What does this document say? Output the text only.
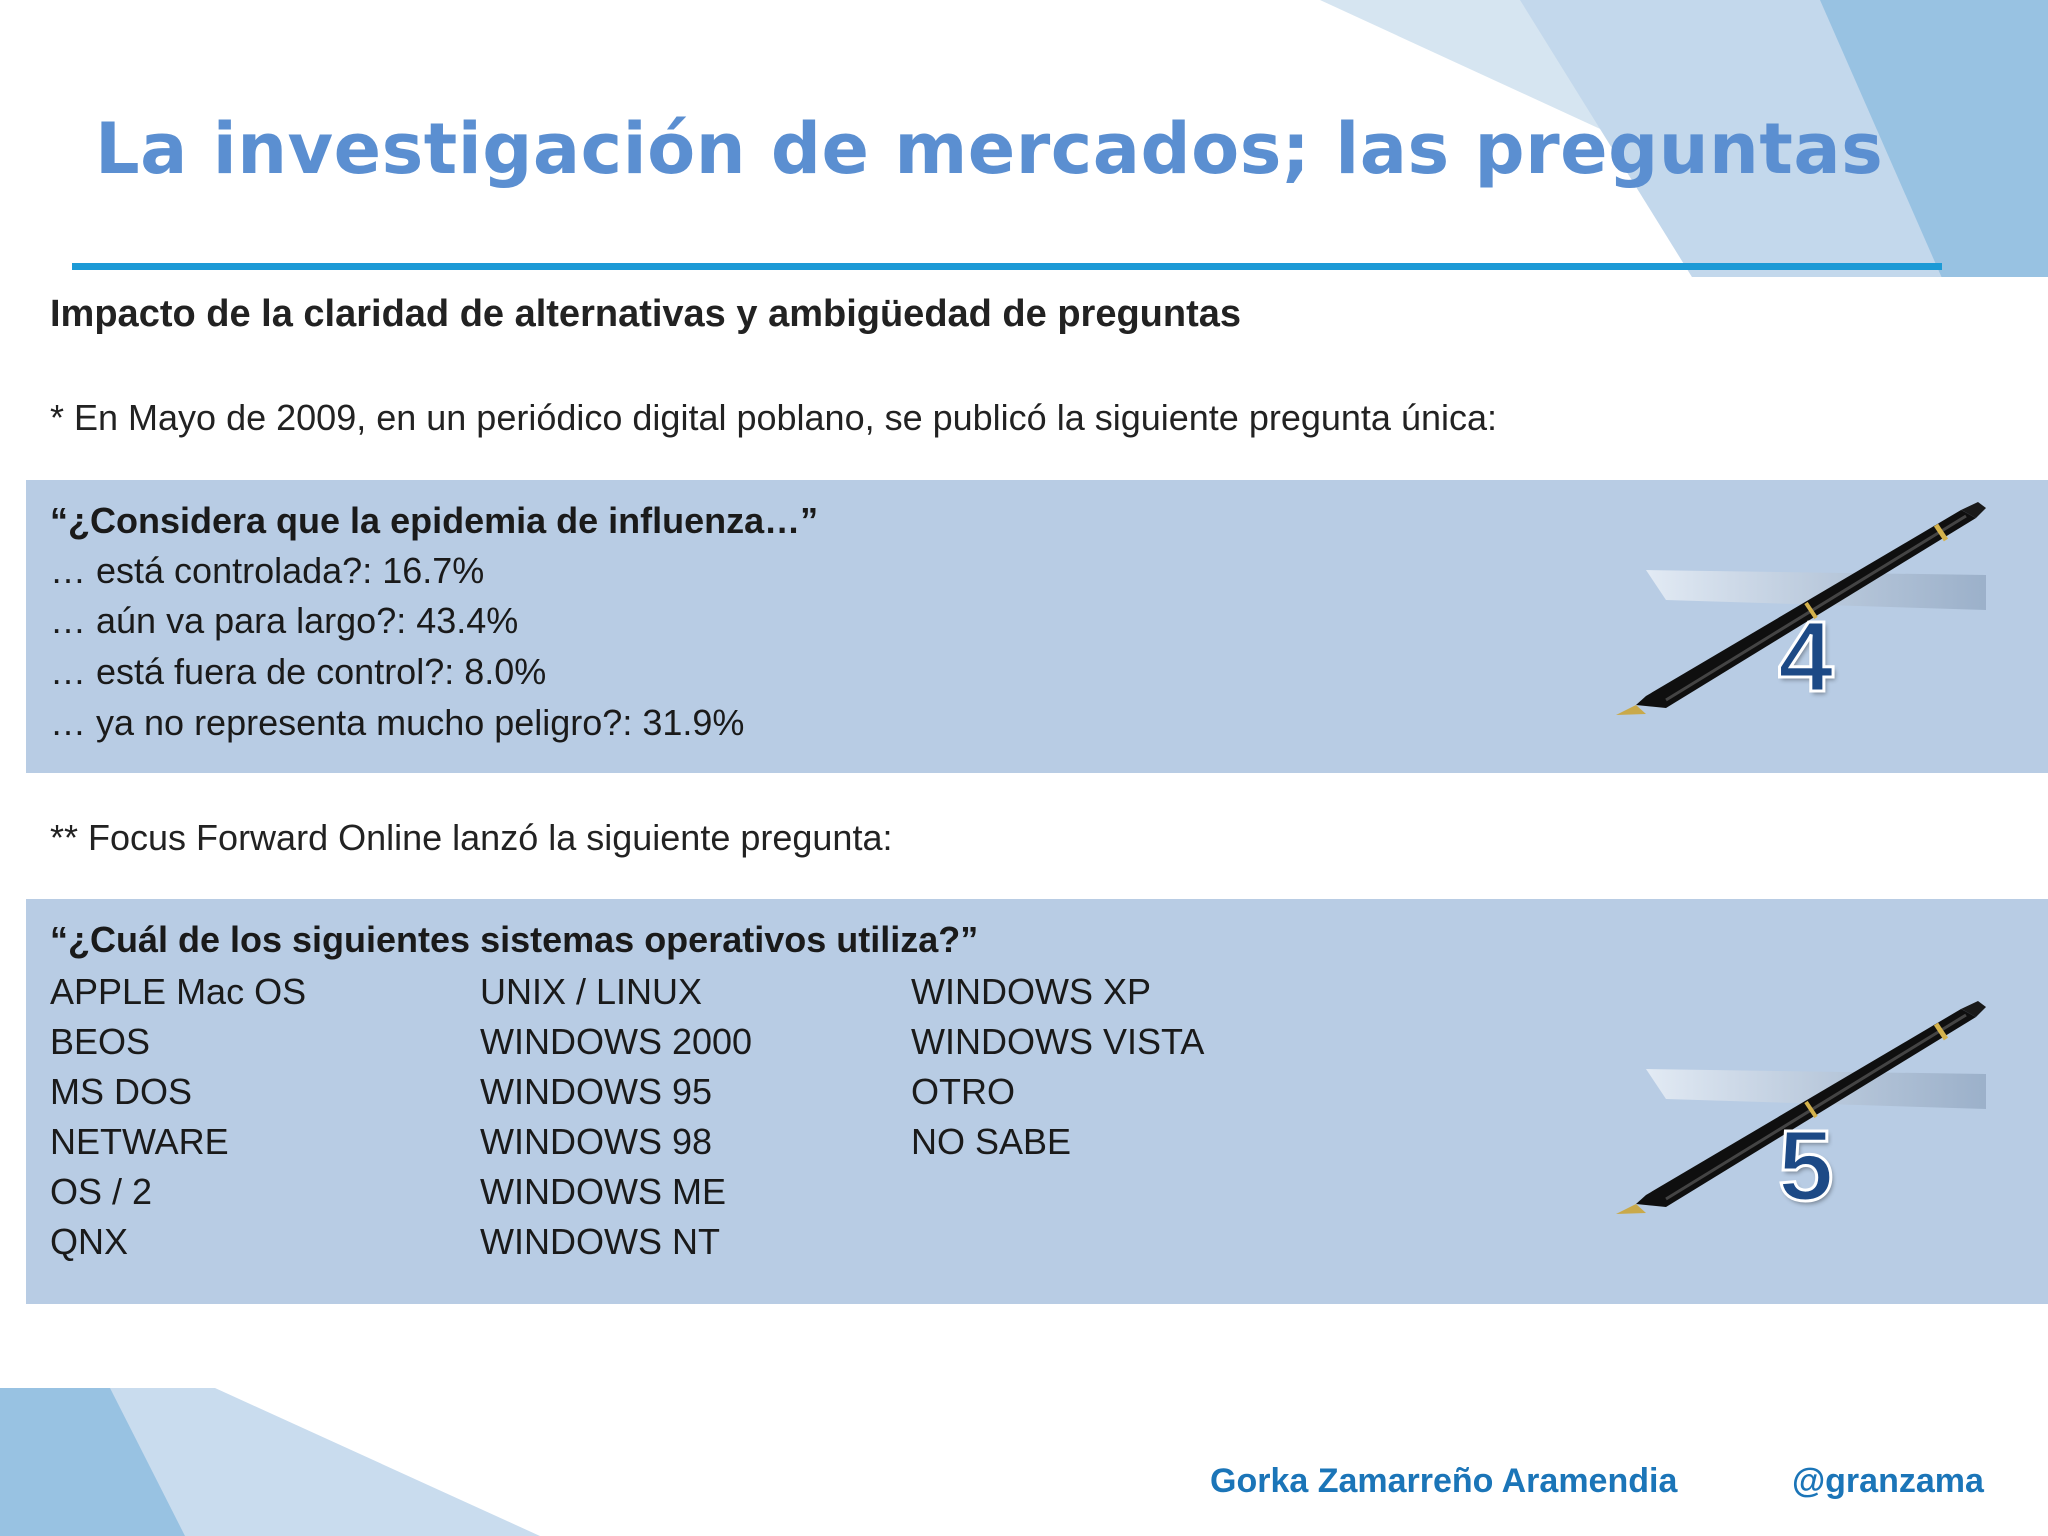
La investigación de mercados; las preguntas
Impacto de la claridad de alternativas y ambigüedad de preguntas
* En Mayo de 2009, en un periódico digital poblano, se publicó la siguiente pregunta única:
“¿Considera que la epidemia de influenza…”
… está controlada?: 16.7%
… aún va para largo?: 43.4%
… está fuera de control?: 8.0%
… ya no representa mucho peligro?: 31.9%
4
** Focus Forward Online lanzó la siguiente pregunta:
“¿Cuál de los siguientes sistemas operativos utiliza?”
APPLE Mac OS
BEOS
MS DOS
NETWARE
OS / 2
QNX
UNIX / LINUX
WINDOWS 2000
WINDOWS 95
WINDOWS 98
WINDOWS ME
WINDOWS NT
WINDOWS XP
WINDOWS VISTA
OTRO
NO SABE	5
Gorka Zamarreño Aramendia	@granzama
